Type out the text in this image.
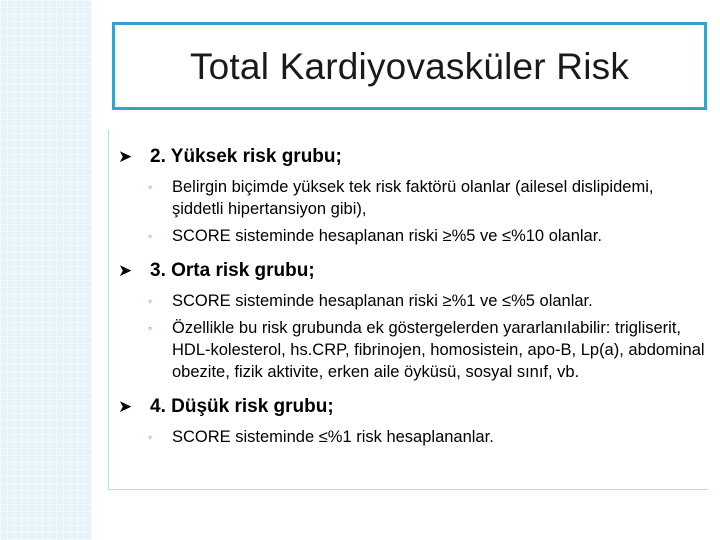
Total Kardiyovasküler Risk
➤ 2. Yüksek risk grubu;
◦ Belirgin biçimde yüksek tek risk faktörü olanlar (ailesel dislipidemi, şiddetli hipertansiyon gibi),
◦ SCORE sisteminde hesaplanan riski ≥%5 ve ≤%10 olanlar.
➤ 3. Orta risk grubu;
◦ SCORE sisteminde hesaplanan riski ≥%1 ve ≤%5 olanlar.
◦ Özellikle bu risk grubunda ek göstergelerden yararlanılabilir: trigliserit, HDL-kolesterol, hs.CRP, fibrinojen, homosistein, apo-B, Lp(a), abdominal obezite, fizik aktivite, erken aile öyküsü, sosyal sınıf, vb.
➤ 4. Düşük risk grubu;
◦ SCORE sisteminde ≤%1 risk hesaplananlar.
